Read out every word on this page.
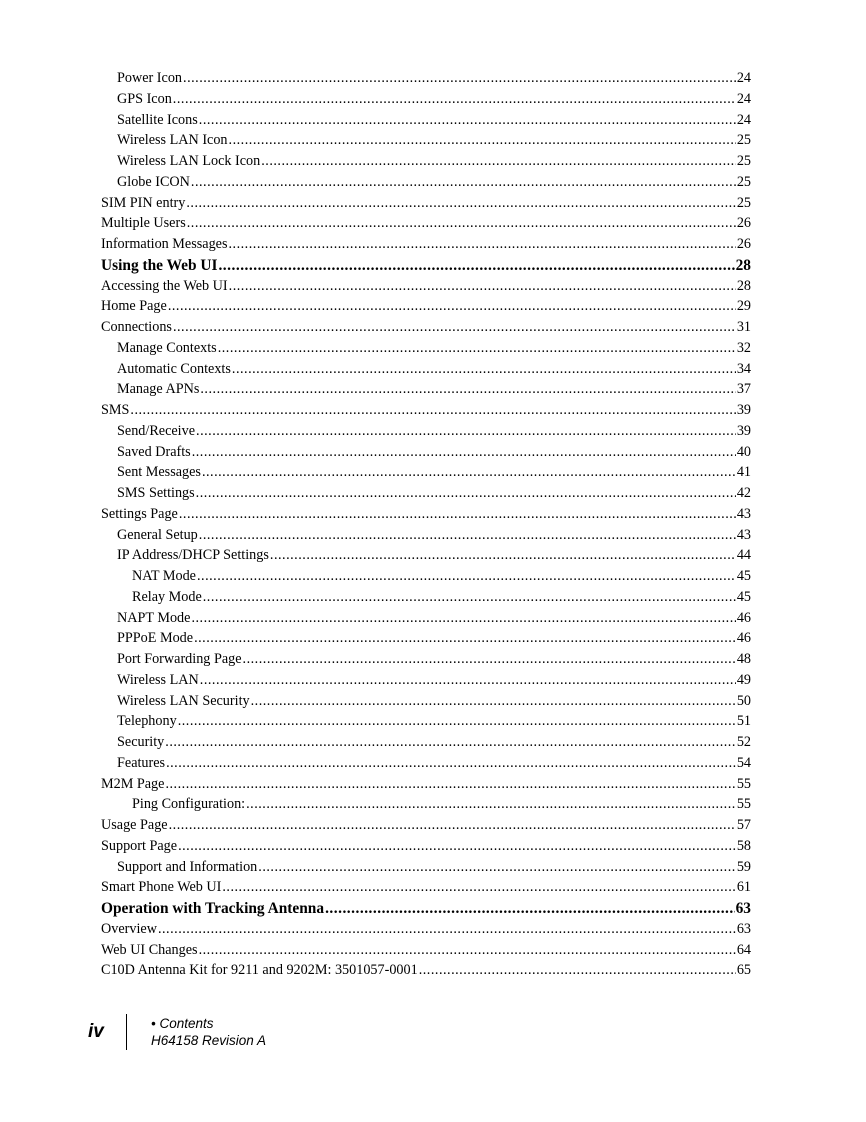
Power Icon .....	24
GPS Icon .....	24
Satellite Icons .....	24
Wireless LAN Icon .....	25
Wireless LAN Lock Icon .....	25
Globe ICON .....	25
SIM PIN entry .....	25
Multiple Users .....	26
Information Messages .....	26
Using the Web UI .....	28
Accessing the Web UI .....	28
Home Page .....	29
Connections .....	31
Manage Contexts .....	32
Automatic Contexts .....	34
Manage APNs .....	37
SMS .....	39
Send/Receive .....	39
Saved Drafts .....	40
Sent Messages .....	41
SMS Settings .....	42
Settings Page .....	43
General Setup .....	43
IP Address/DHCP Settings .....	44
NAT Mode .....	45
Relay Mode .....	45
NAPT Mode .....	46
PPPoE Mode .....	46
Port Forwarding Page .....	48
Wireless LAN .....	49
Wireless LAN Security .....	50
Telephony .....	51
Security .....	52
Features .....	54
M2M Page .....	55
Ping Configuration: .....	55
Usage Page .....	57
Support Page .....	58
Support and Information .....	59
Smart Phone Web UI .....	61
Operation with Tracking Antenna .....	63
Overview .....	63
Web UI Changes .....	64
C10D Antenna Kit for 9211 and 9202M: 3501057-0001 .....	65
iv	• Contents
H64158 Revision A
